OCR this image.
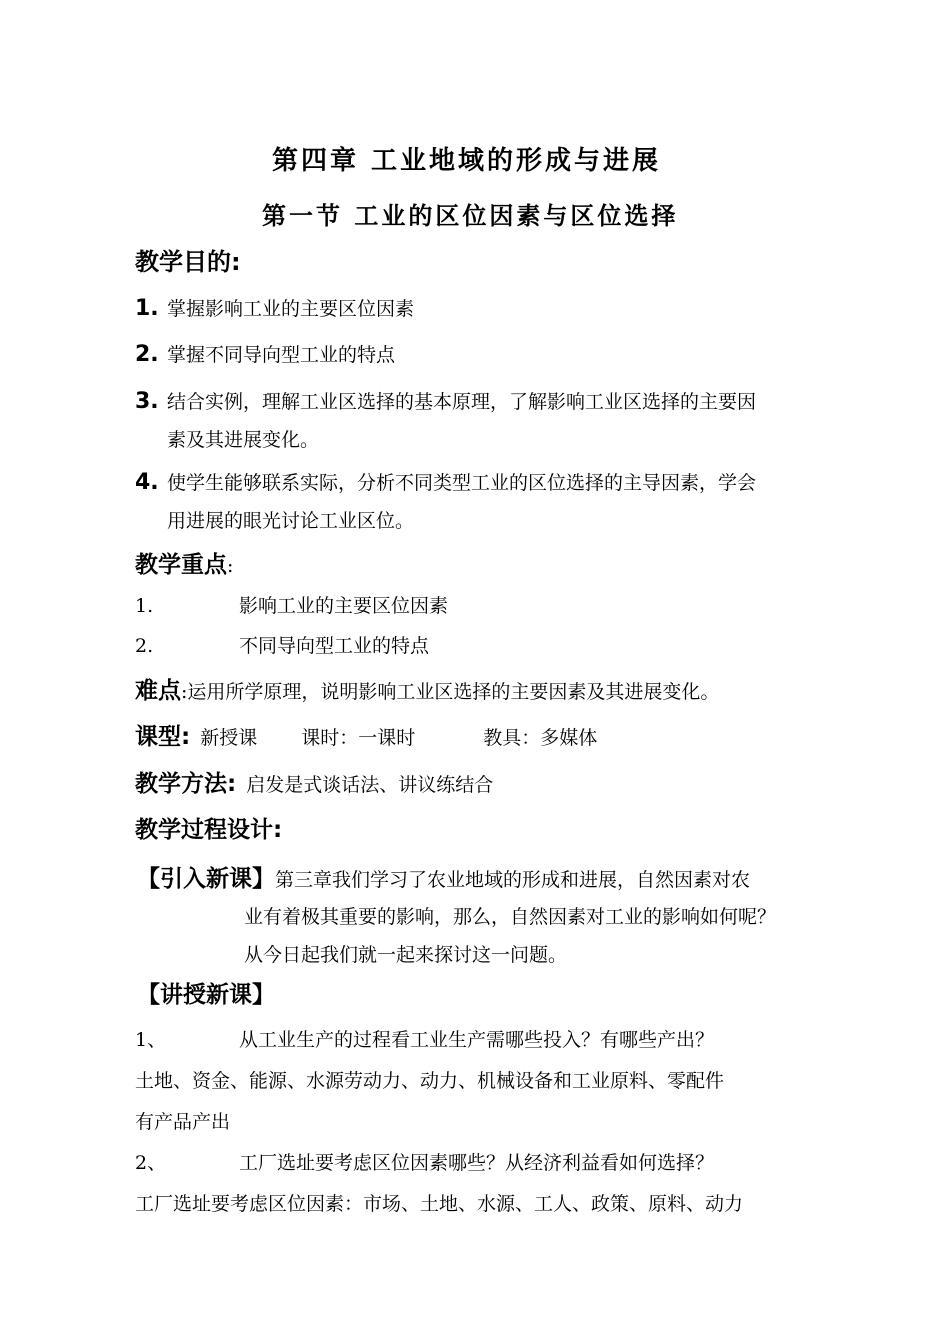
第四章 工业地域的形成与进展
第一节 工业的区位因素与区位选择
教学目的:
1. 掌握影响工业的主要区位因素
2. 掌握不同导向型工业的特点
3. 结合实例，理解工业区选择的基本原理，了解影响工业区选择的主要因
素及其进展变化。
4. 使学生能够联系实际，分析不同类型工业的区位选择的主导因素，学会
用进展的眼光讨论工业区位。
教学重点:
1.	影响工业的主要区位因素
2.	不同导向型工业的特点
难点:运用所学原理，说明影响工业区选择的主要因素及其进展变化。
课型: 新授课 课时：一课时	教具：多媒体
教学方法: 启发是式谈话法、讲议练结合
教学过程设计:
【引入新课】第三章我们学习了农业地域的形成和进展，自然因素对农
业有着极其重要的影响，那么，自然因素对工业的影响如何呢？
从今日起我们就一起来探讨这一问题。
【讲授新课】
1、	从工业生产的过程看工业生产需哪些投入？有哪些产出？
土地、资金、能源、水源劳动力、动力、机械设备和工业原料、零配件
有产品产出
2、	工厂选址要考虑区位因素哪些？从经济利益看如何选择？
工厂选址要考虑区位因素：市场、土地、水源、工人、政策、原料、动力
